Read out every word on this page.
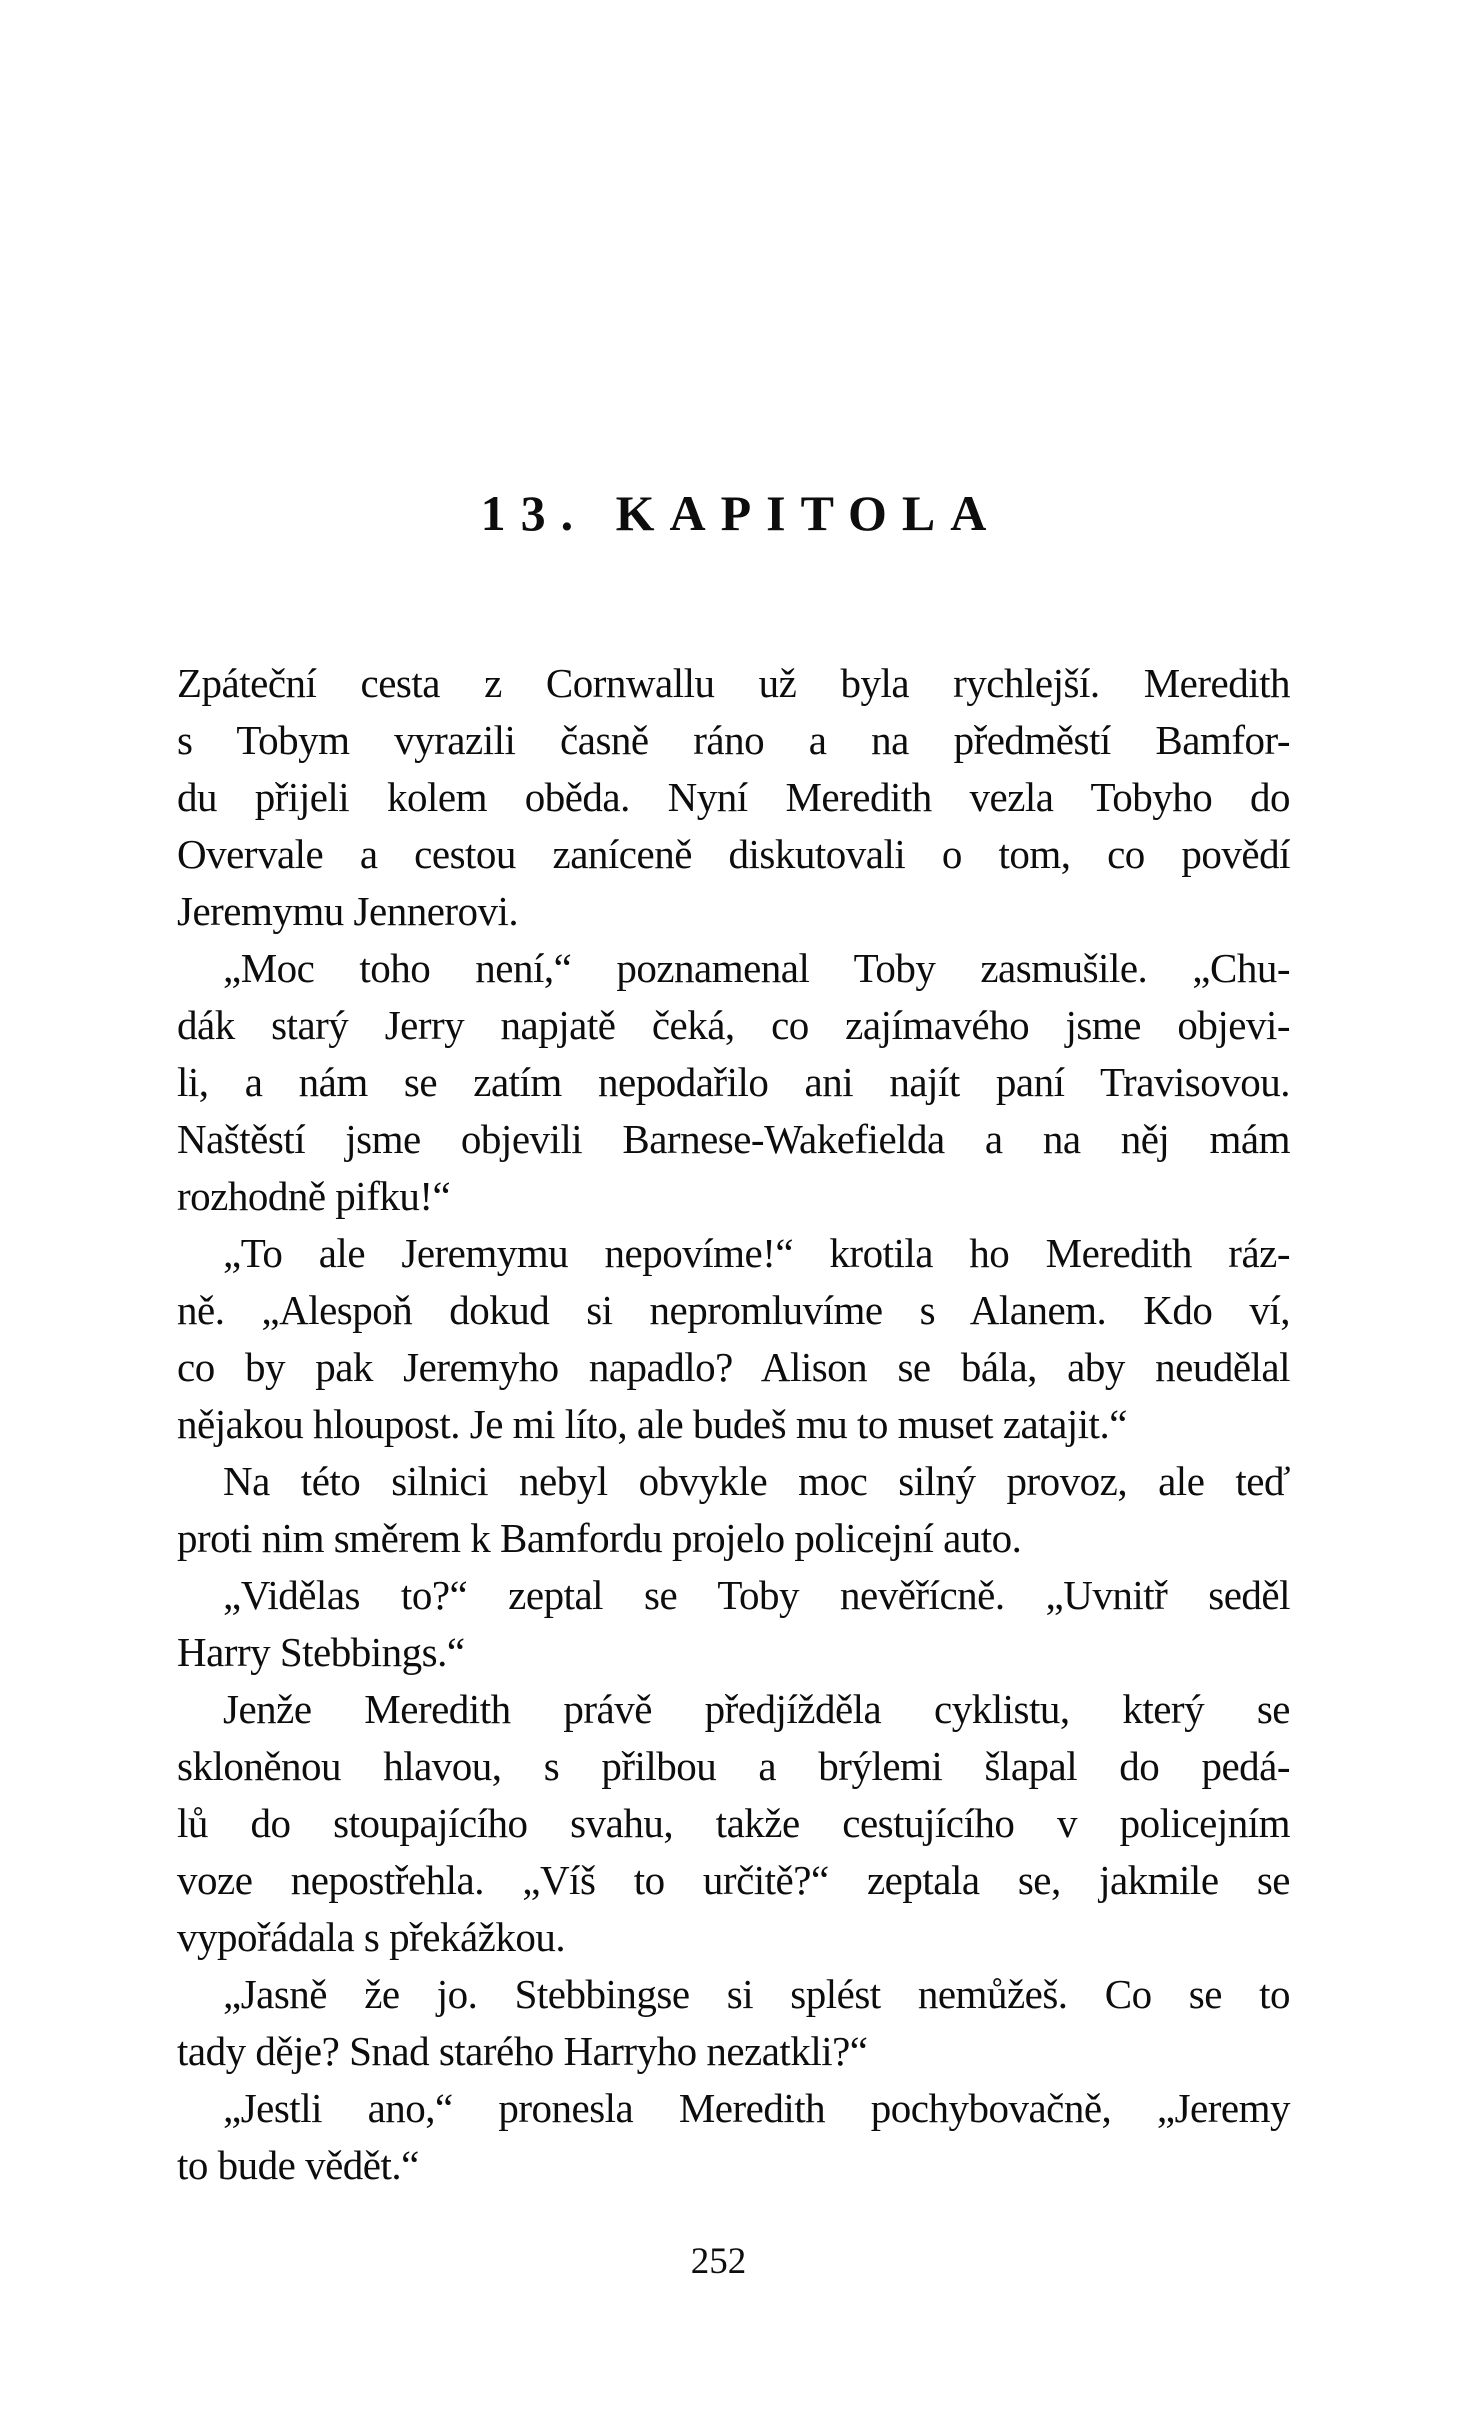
13. KAPITOLA
Zpáteční cesta z Cornwallu už byla rychlejší. Meredith
s Tobym vyrazili časně ráno a na předměstí Bamfor-
du přijeli kolem oběda. Nyní Meredith vezla Tobyho do
Overvale a cestou zaníceně diskutovali o tom, co povědí
Jeremymu Jennerovi.
„Moc toho není,“ poznamenal Toby zasmušile. „Chu-
dák starý Jerry napjatě čeká, co zajímavého jsme objevi-
li, a nám se zatím nepodařilo ani najít paní Travisovou.
Naštěstí jsme objevili Barnese-Wakefielda a na něj mám
rozhodně pifku!“
„To ale Jeremymu nepovíme!“ krotila ho Meredith ráz-
ně. „Alespoň dokud si nepromluvíme s Alanem. Kdo ví,
co by pak Jeremyho napadlo? Alison se bála, aby neudělal
nějakou hloupost. Je mi líto, ale budeš mu to muset zatajit.“
Na této silnici nebyl obvykle moc silný provoz, ale teď
proti nim směrem k Bamfordu projelo policejní auto.
„Vidělas to?“ zeptal se Toby nevěřícně. „Uvnitř seděl
Harry Stebbings.“
Jenže Meredith právě předjížděla cyklistu, který se
skloněnou hlavou, s přilbou a brýlemi šlapal do pedá-
lů do stoupajícího svahu, takže cestujícího v policejním
voze nepostřehla. „Víš to určitě?“ zeptala se, jakmile se
vypořádala s překážkou.
„Jasně že jo. Stebbingse si splést nemůžeš. Co se to
tady děje? Snad starého Harryho nezatkli?“
„Jestli ano,“ pronesla Meredith pochybovačně, „Jeremy
to bude vědět.“
252
